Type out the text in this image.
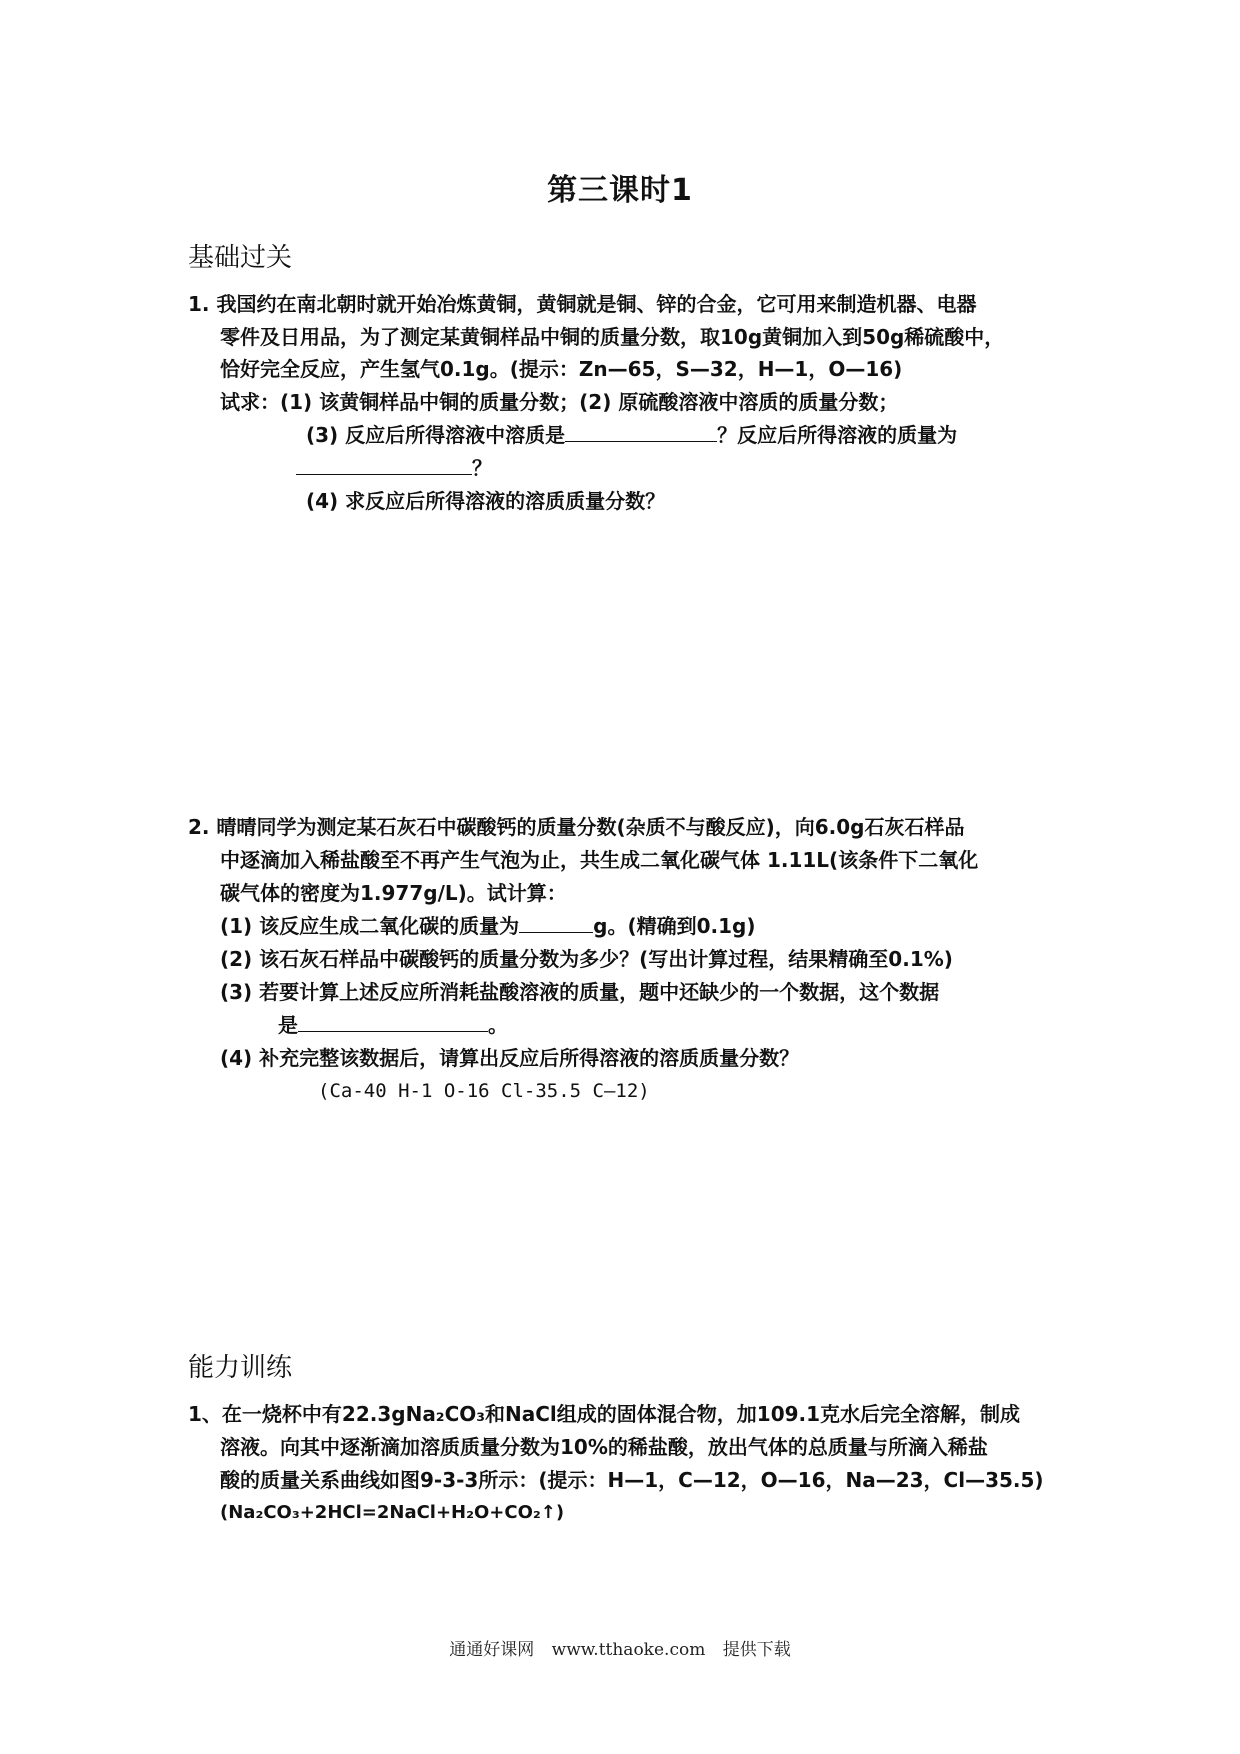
第三课时1
基础过关
1. 我国约在南北朝时就开始冶炼黄铜，黄铜就是铜、锌的合金，它可用来制造机器、电器
零件及日用品，为了测定某黄铜样品中铜的质量分数，取10g黄铜加入到50g稀硫酸中，
恰好完全反应，产生氢气0.1g。(提示：Zn—65，S—32，H—1，O—16)
试求：(1) 该黄铜样品中铜的质量分数；(2) 原硫酸溶液中溶质的质量分数；
(3) 反应后所得溶液中溶质是	？反应后所得溶液的质量为
？
(4) 求反应后所得溶液的溶质质量分数？
2. 晴晴同学为测定某石灰石中碳酸钙的质量分数(杂质不与酸反应)，向6.0g石灰石样品
中逐滴加入稀盐酸至不再产生气泡为止，共生成二氧化碳气体 1.11L(该条件下二氧化
碳气体的密度为1.977g/L)。试计算：
(1) 该反应生成二氧化碳的质量为	g。(精确到0.1g)
(2) 该石灰石样品中碳酸钙的质量分数为多少？(写出计算过程，结果精确至0.1%)
(3) 若要计算上述反应所消耗盐酸溶液的质量，题中还缺少的一个数据，这个数据
是	。
(4) 补充完整该数据后，请算出反应后所得溶液的溶质质量分数？
(Ca-40 H-1 O-16 Cl-35.5 C—12)
能力训练
1、在一烧杯中有22.3gNa₂CO₃和NaCl组成的固体混合物，加109.1克水后完全溶解，制成
溶液。向其中逐渐滴加溶质质量分数为10%的稀盐酸，放出气体的总质量与所滴入稀盐
酸的质量关系曲线如图9-3-3所示：(提示：H—1，C—12，O—16，Na—23，Cl—35.5)
(Na₂CO₃+2HCl=2NaCl+H₂O+CO₂↑)
通通好课网 www.tthaoke.com 提供下载
